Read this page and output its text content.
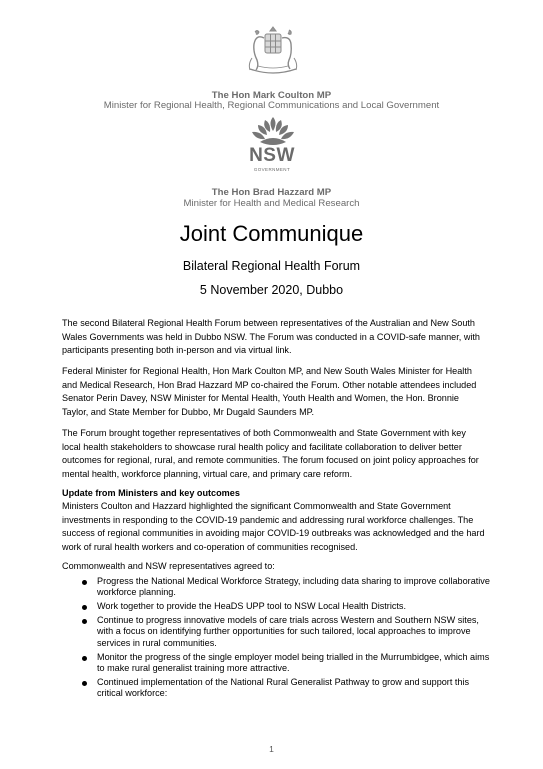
The Hon Mark Coulton MP
Minister for Regional Health, Regional Communications and Local Government
NSW
GOVERNMENT
The Hon Brad Hazzard MP
Minister for Health and Medical Research
Joint Communique
Bilateral Regional Health Forum
5 November 2020, Dubbo

The second Bilateral Regional Health Forum between representatives of the Australian and New South Wales Governments was held in Dubbo NSW. The Forum was conducted in a COVID-safe manner, with participants presenting both in-person and via virtual link.

Federal Minister for Regional Health, Hon Mark Coulton MP, and New South Wales Minister for Health and Medical Research, Hon Brad Hazzard MP co-chaired the Forum. Other notable attendees included Senator Perin Davey, NSW Minister for Mental Health, Youth Health and Women, the Hon. Bronnie Taylor, and State Member for Dubbo, Mr Dugald Saunders MP.

The Forum brought together representatives of both Commonwealth and State Government with key local health stakeholders to showcase rural health policy and facilitate collaboration to deliver better outcomes for regional, rural, and remote communities. The forum focused on joint policy approaches for mental health, workforce planning, virtual care, and primary care reform.

Update from Ministers and key outcomes

Ministers Coulton and Hazzard highlighted the significant Commonwealth and State Government investments in responding to the COVID-19 pandemic and addressing rural workforce challenges. The success of regional communities in avoiding major COVID-19 outbreaks was acknowledged and the hard work of rural health workers and co-operation of communities recognised.

Commonwealth and NSW representatives agreed to:

Progress the National Medical Workforce Strategy, including data sharing to improve collaborative workforce planning.
Work together to provide the HeaDS UPP tool to NSW Local Health Districts.
Continue to progress innovative models of care trials across Western and Southern NSW sites, with a focus on identifying further opportunities for such tailored, local approaches to improve services in rural communities.
Monitor the progress of the single employer model being trialled in the Murrumbidgee, which aims to make rural generalist training more attractive.
Continued implementation of the National Rural Generalist Pathway to grow and support this critical workforce:
1
